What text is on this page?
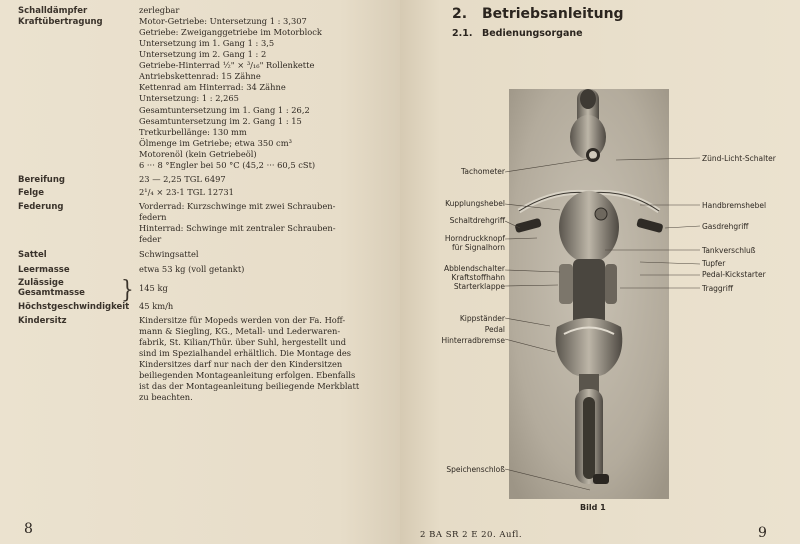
Schalldämpfer	zerlegbar
Kraftübertragung	Motor-Getriebe: Untersetzung 1 : 3,307
Getriebe: Zweiganggetriebe im Motorblock
Untersetzung im 1. Gang 1 : 3,5
Untersetzung im 2. Gang 1 : 2
Getriebe-Hinterrad ½" × ³/₁₆" Rollenkette
Antriebskettenrad: 15 Zähne
Kettenrad am Hinterrad: 34 Zähne
Untersetzung: 1 : 2,265
Gesamtuntersetzung im 1. Gang 1 : 26,2
Gesamtuntersetzung im 2. Gang 1 : 15
Tretkurbellänge: 130 mm
Ölmenge im Getriebe; etwa 350 cm³
Motorenöl (kein Getriebeöl)
6 ··· 8 °Engler bei 50 °C (45,2 ··· 60,5 cSt)
Bereifung	23 — 2,25 TGL 6497
Felge	2¹/₄ × 23-1 TGL 12731
Federung	Vorderrad: Kurzschwinge mit zwei Schrauben-
federn
Hinterrad: Schwinge mit zentraler Schrauben-
feder
Sattel	Schwingsattel
Leermasse	etwa 53 kg (voll getankt)
Zulässige
Gesamtmasse } 145 kg
Höchstgeschwindigkeit 45 km/h
Kindersitz	Kindersitze für Mopeds werden von der Fa. Hoff-
mann & Siegling, KG., Metall- und Lederwaren-
fabrik, St. Kilian/Thür. über Suhl, hergestellt und
sind im Spezialhandel erhältlich. Die Montage des
Kindersitzes darf nur nach der den Kindersitzen
beiliegenden Montageanleitung erfolgen. Ebenfalls
ist das der Montageanleitung beiliegende Merkblatt
zu beachten.
8
2. Betriebsanleitung
2.1. Bedienungsorgane
Tachometer
Kupplungshebel
Schaltdrehgriff
Horndruckknopf
für Signalhorn
Abblendschalter
Kraftstoffhahn
Starterklappe
Kippständer
Pedal
Hinterradbremse
Speichenschloß
Zünd-Licht-Schalter
Handbremshebel
Gasdrehgriff
Tankverschluß
Tupfer
Pedal-Kickstarter
Traggriff
Bild 1
2 BA SR 2 E 20. Aufl.	9
